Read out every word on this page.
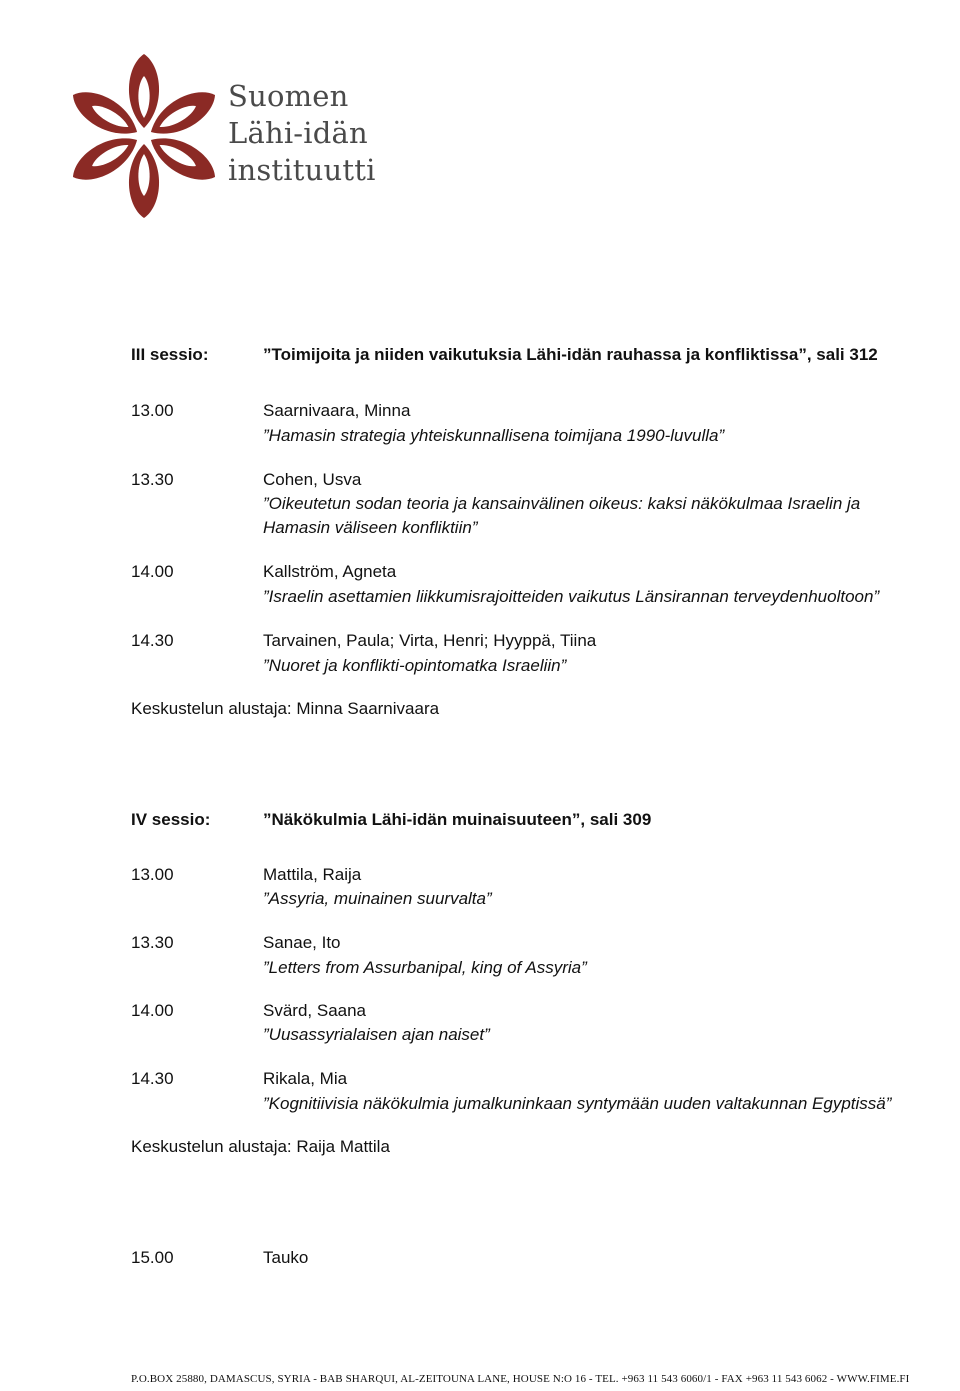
Suomen
Lähi-idän
instituutti
III sessio:	”Toimijoita ja niiden vaikutuksia Lähi-idän rauhassa ja konfliktissa”, sali 312
13.00	Saarnivaara, Minna
”Hamasin strategia yhteiskunnallisena toimijana 1990-luvulla”
13.30	Cohen, Usva
”Oikeutetun sodan teoria ja kansainvälinen oikeus: kaksi näkökulmaa Israelin ja
Hamasin väliseen konfliktiin”
14.00	Kallström, Agneta
”Israelin asettamien liikkumisrajoitteiden vaikutus Länsirannan terveydenhuoltoon”
14.30	Tarvainen, Paula; Virta, Henri; Hyyppä, Tiina
”Nuoret ja konflikti-opintomatka Israeliin”
Keskustelun alustaja: Minna Saarnivaara
IV sessio:	”Näkökulmia Lähi-idän muinaisuuteen”, sali 309
13.00	Mattila, Raija
”Assyria, muinainen suurvalta”
13.30	Sanae, Ito
”Letters from Assurbanipal, king of Assyria”
14.00	Svärd, Saana
”Uusassyrialaisen ajan naiset”
14.30	Rikala, Mia
”Kognitiivisia näkökulmia jumalkuninkaan syntymään uuden valtakunnan Egyptissä”
Keskustelun alustaja: Raija Mattila
15.00	Tauko
P.O.BOX 25880, DAMASCUS, SYRIA - BAB SHARQUI, AL-ZEITOUNA LANE, HOUSE N:O 16 - TEL. +963 11 543 6060/1 - FAX +963 11 543 6062 - WWW.FIME.FI
